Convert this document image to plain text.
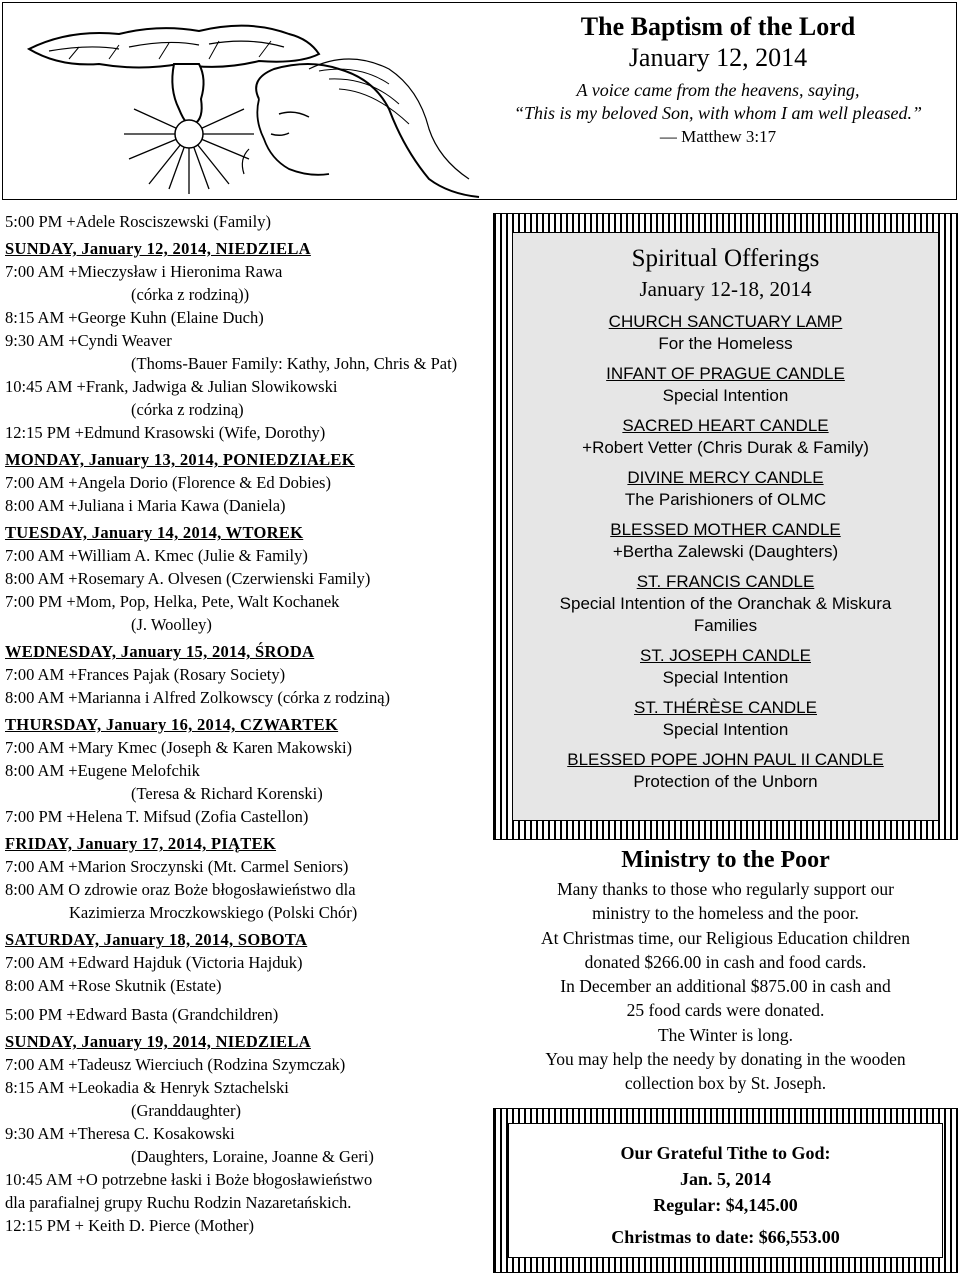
The Baptism of the Lord
January 12, 2014
A voice came from the heavens, saying,
“This is my beloved Son, with whom I am well pleased.”
— Matthew 3:17
5:00 PM +Adele Rosciszewski (Family)
SUNDAY, January 12, 2014, NIEDZIELA
7:00 AM +Mieczysław i Hieronima Rawa
(córka z rodziną))
8:15 AM +George Kuhn (Elaine Duch)
9:30 AM +Cyndi Weaver
(Thoms-Bauer Family: Kathy, John, Chris & Pat)
10:45 AM +Frank, Jadwiga & Julian Slowikowski
(córka z rodziną)
12:15 PM +Edmund Krasowski (Wife, Dorothy)
MONDAY, January 13, 2014, PONIEDZIAŁEK
7:00 AM +Angela Dorio (Florence & Ed Dobies)
8:00 AM +Juliana i Maria Kawa (Daniela)
TUESDAY, January 14, 2014, WTOREK
7:00 AM +William A. Kmec (Julie & Family)
8:00 AM +Rosemary A. Olvesen (Czerwienski Family)
7:00 PM +Mom, Pop, Helka, Pete, Walt Kochanek
(J. Woolley)
WEDNESDAY, January 15, 2014, ŚRODA
7:00 AM +Frances Pajak (Rosary Society)
8:00 AM +Marianna i Alfred Zolkowscy (córka z rodziną)
THURSDAY, January 16, 2014, CZWARTEK
7:00 AM +Mary Kmec (Joseph & Karen Makowski)
8:00 AM +Eugene Melofchik
(Teresa & Richard Korenski)
7:00 PM +Helena T. Mifsud (Zofia Castellon)
FRIDAY, January 17, 2014, PIĄTEK
7:00 AM +Marion Sroczynski (Mt. Carmel Seniors)
8:00 AM O zdrowie oraz Boże błogosławieństwo dla
Kazimierza Mroczkowskiego (Polski Chór)
SATURDAY, January 18, 2014, SOBOTA
7:00 AM +Edward Hajduk (Victoria Hajduk)
8:00 AM +Rose Skutnik (Estate)
5:00 PM +Edward Basta (Grandchildren)
SUNDAY, January 19, 2014, NIEDZIELA
7:00 AM +Tadeusz Wierciuch (Rodzina Szymczak)
8:15 AM +Leokadia & Henryk Sztachelski
(Granddaughter)
9:30 AM +Theresa C. Kosakowski
(Daughters, Loraine, Joanne & Geri)
10:45 AM +O potrzebne łaski i Boże błogosławieństwo
dla parafialnej grupy Ruchu Rodzin Nazaretańskich.
12:15 PM + Keith D. Pierce (Mother)
Spiritual Offerings
January 12-18, 2014
CHURCH SANCTUARY LAMP
For the Homeless
INFANT OF PRAGUE CANDLE
Special Intention
SACRED HEART CANDLE
+Robert Vetter (Chris Durak & Family)
DIVINE MERCY CANDLE
The Parishioners of OLMC
BLESSED MOTHER CANDLE
+Bertha Zalewski (Daughters)
ST. FRANCIS CANDLE
Special Intention of the Oranchak & Miskura
Families
ST. JOSEPH CANDLE
Special Intention
ST. THÉRÈSE CANDLE
Special Intention
BLESSED POPE JOHN PAUL II CANDLE
Protection of the Unborn
Ministry to the Poor
Many thanks to those who regularly support our
ministry to the homeless and the poor.
At Christmas time, our Religious Education children
donated $266.00 in cash and food cards.
In December an additional $875.00 in cash and
25 food cards were donated.
The Winter is long.
You may help the needy by donating in the wooden
collection box by St. Joseph.
Our Grateful Tithe to God:
Jan. 5, 2014
Regular: $4,145.00
Christmas to date: $66,553.00
